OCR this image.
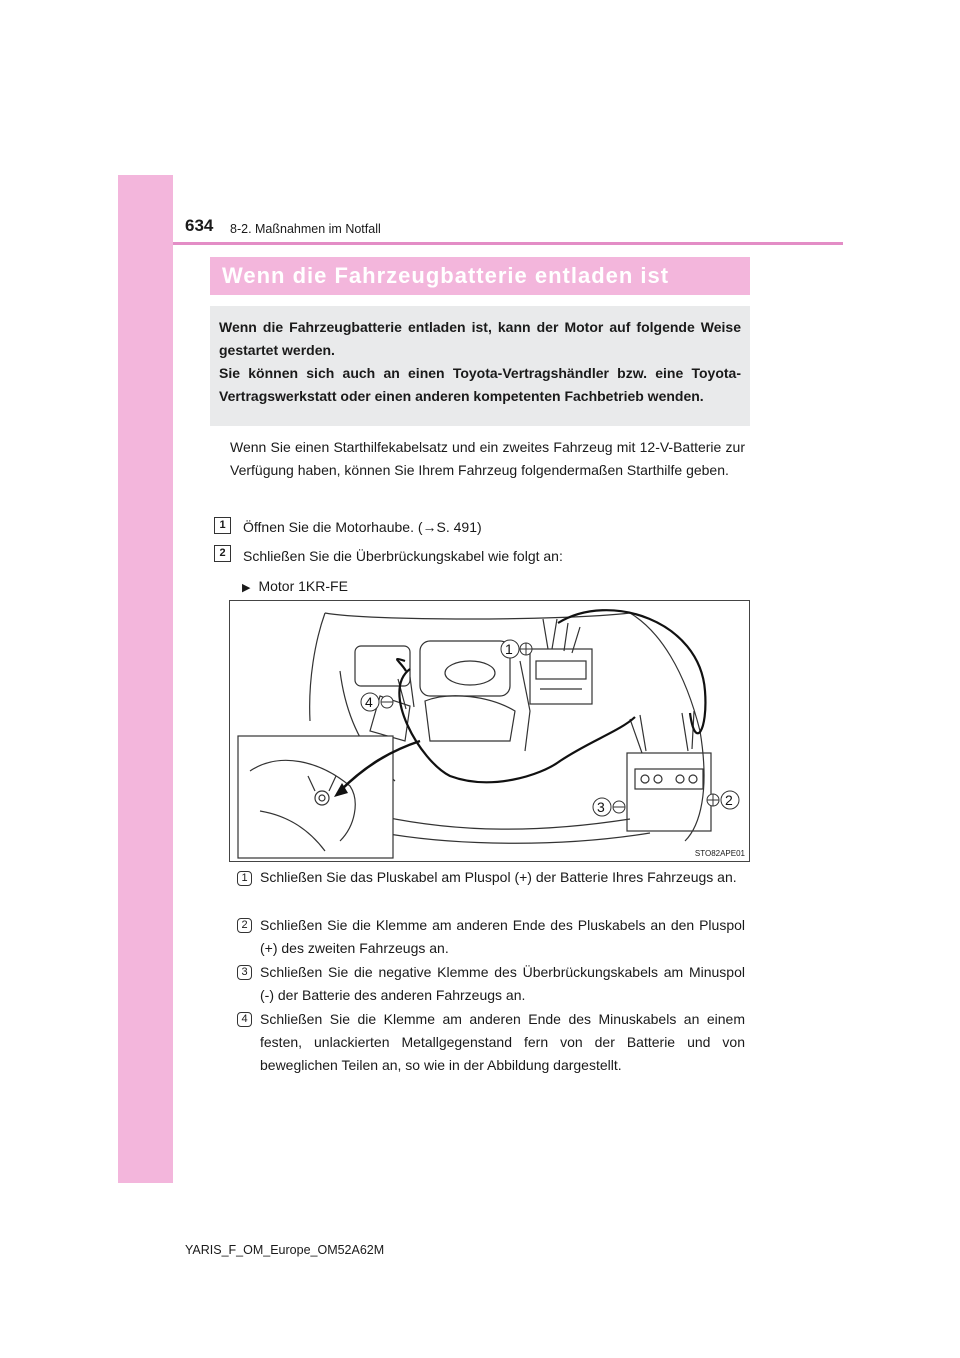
634 8-2. Maßnahmen im Notfall
Wenn die Fahrzeugbatterie entladen ist

Wenn die Fahrzeugbatterie entladen ist, kann der Motor auf folgende Weise gestartet werden.

Sie können sich auch an einen Toyota-Vertragshändler bzw. eine Toyota-Vertragswerkstatt oder einen anderen kompetenten Fachbetrieb wenden.

Wenn Sie einen Starthilfekabelsatz und ein zweites Fahrzeug mit 12-V-Batterie zur Verfügung haben, können Sie Ihrem Fahrzeug folgendermaßen Starthilfe geben.

1	Öffnen Sie die Motorhaube. (→S. 491)
2	Schließen Sie die Überbrückungskabel wie folgt an:
▶ Motor 1KR-FE
1
2
3
4
STO82APE01
1 Schließen Sie das Pluskabel am Pluspol (+) der Batterie Ihres Fahrzeugs an.

2 Schließen Sie die Klemme am anderen Ende des Pluskabels an den Pluspol (+) des zweiten Fahrzeugs an.

3 Schließen Sie die negative Klemme des Überbrückungskabels am Minuspol (-) der Batterie des anderen Fahrzeugs an.

4 Schließen Sie die Klemme am anderen Ende des Minuskabels an einem festen, unlackierten Metallgegenstand fern von der Batterie und von beweglichen Teilen an, so wie in der Abbildung dargestellt.

YARIS_F_OM_Europe_OM52A62M
